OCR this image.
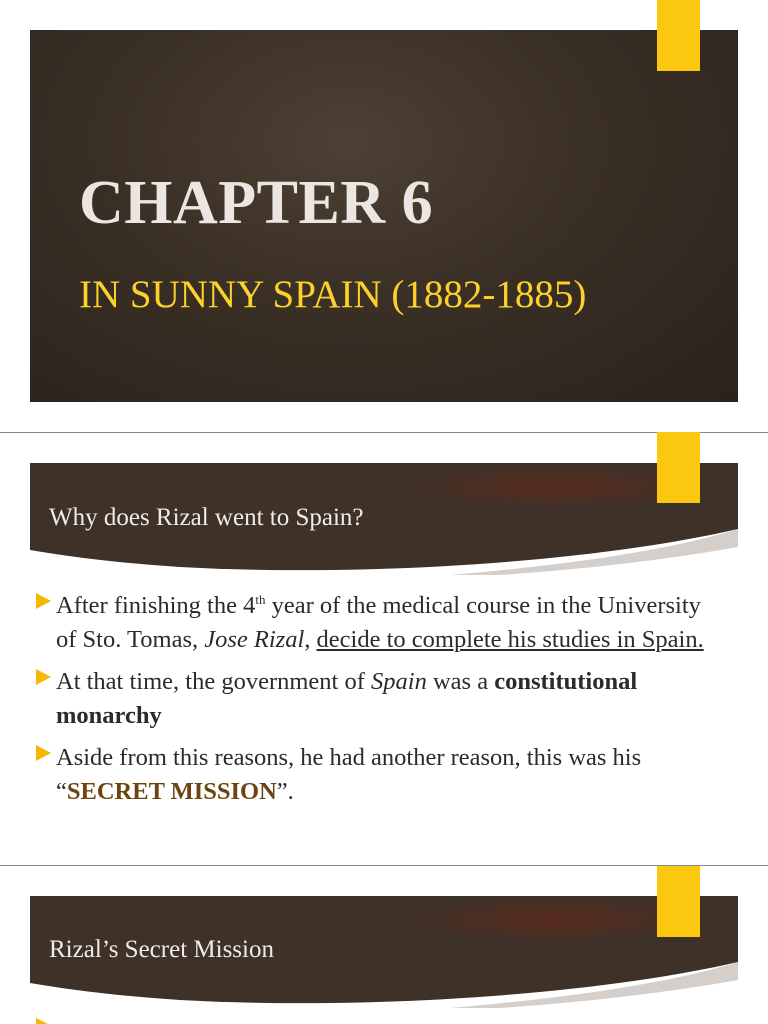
CHAPTER 6
IN SUNNY SPAIN (1882-1885)
Why does Rizal went to Spain?
After finishing the 4th year of the medical course in the University of Sto. Tomas, Jose Rizal, decide to complete his studies in Spain.
At that time, the government of Spain was a constitutional monarchy
Aside from this reasons, he had another reason, this was his “SECRET MISSION”.
Rizal’s Secret Mission
